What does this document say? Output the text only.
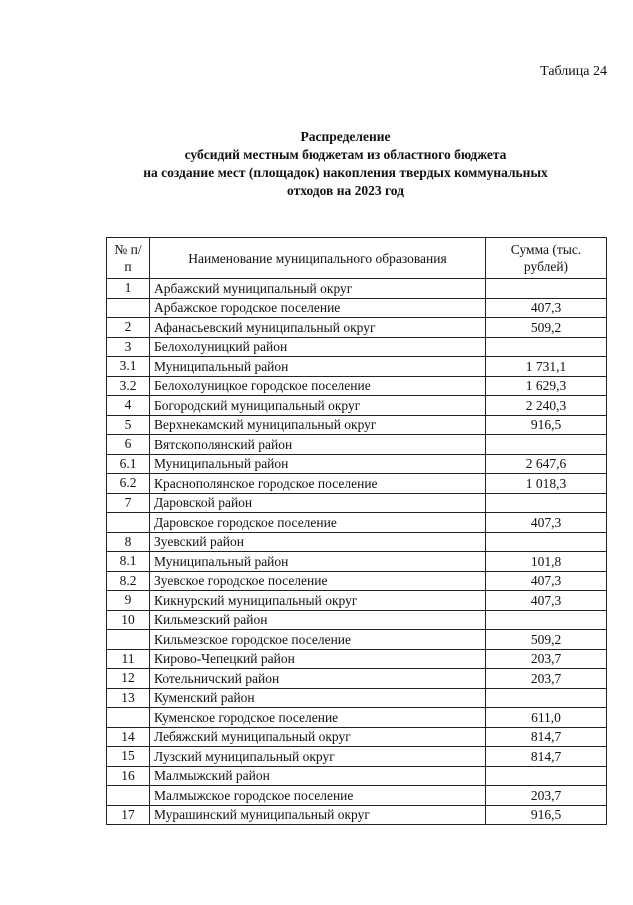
Таблица 24
Распределение
субсидий местным бюджетам из областного бюджета
на создание мест (площадок) накопления твердых коммунальных
отходов на 2023 год
№ п/п	Наименование муниципального образования	Сумма (тыс. рублей)
1	Арбажский муниципальный округ	
	Арбажское городское поселение	407,3
2	Афанасьевский муниципальный округ	509,2
3	Белохолуницкий район	
3.1	Муниципальный район	1 731,1
3.2	Белохолуницкое городское поселение	1 629,3
4	Богородский муниципальный округ	2 240,3
5	Верхнекамский муниципальный округ	916,5
6	Вятскополянский район	
6.1	Муниципальный район	2 647,6
6.2	Краснополянское городское поселение	1 018,3
7	Даровской район	
	Даровское городское поселение	407,3
8	Зуевский район	
8.1	Муниципальный район	101,8
8.2	Зуевское городское поселение	407,3
9	Кикнурский муниципальный округ	407,3
10	Кильмезский район	
	Кильмезское городское поселение	509,2
11	Кирово-Чепецкий район	203,7
12	Котельничский район	203,7
13	Куменский район	
	Куменское городское поселение	611,0
14	Лебяжский муниципальный округ	814,7
15	Лузский муниципальный округ	814,7
16	Малмыжский район	
	Малмыжское городское поселение	203,7
17	Мурашинский муниципальный округ	916,5
